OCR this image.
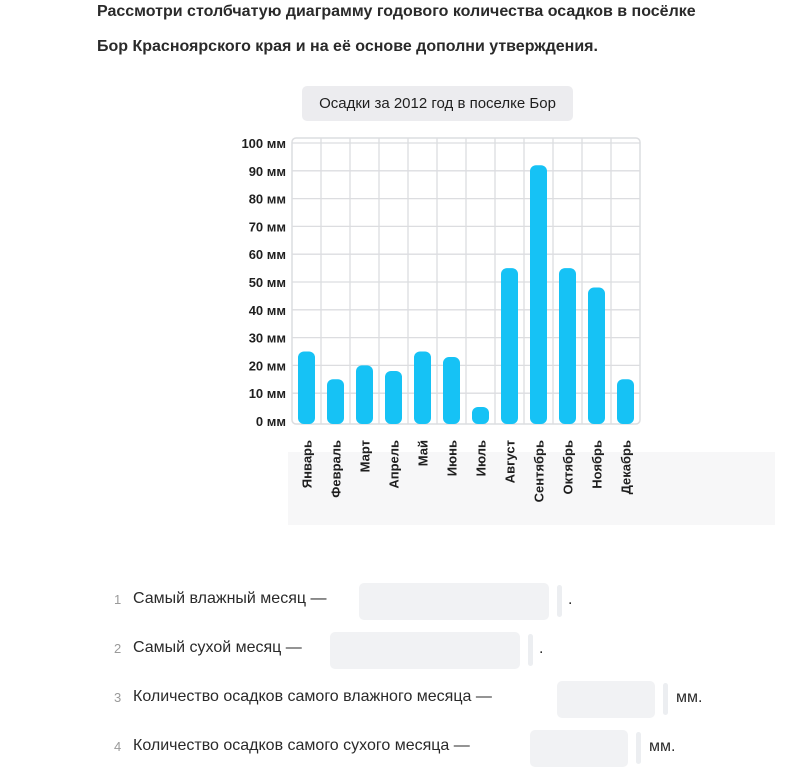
Рассмотри столбчатую диаграмму годового количества осадков в посёлке

Бор Красноярского края и на её основе дополни утверждения.

0 мм
10 мм
20 мм
30 мм
40 мм
50 мм
60 мм
70 мм
80 мм
90 мм
100 мм
Январь Февраль Март Апрель Май Июнь Июль Август Сентябрь Октябрь Ноябрь Декабрь
Осадки за 2012 год в поселке Бор
1 Самый влажный месяц —	.
2 Самый сухой месяц —	.
3 Количество осадков самого влажного месяца —	мм.
4 Количество осадков самого сухого месяца —	мм.
